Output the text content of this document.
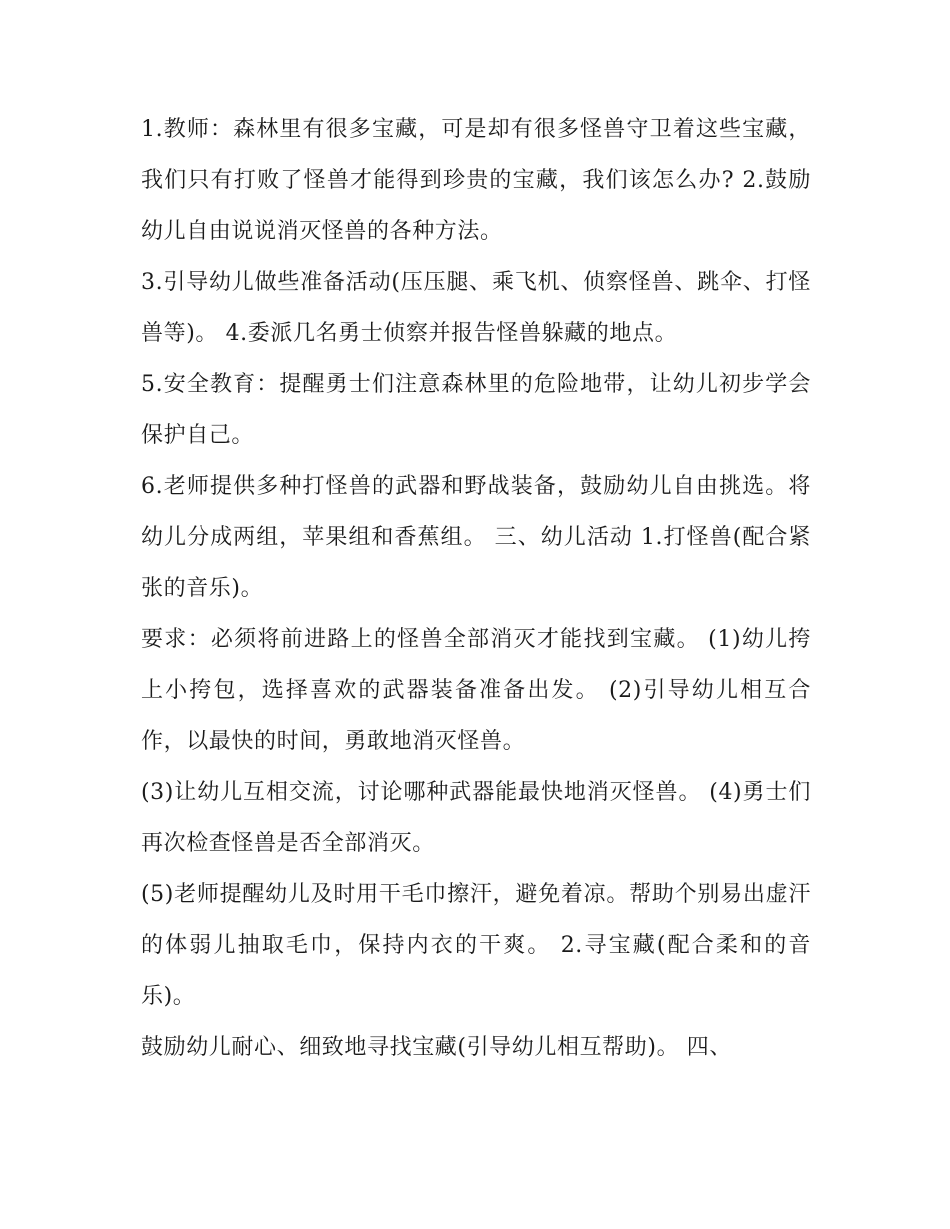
1.教师：森林里有很多宝藏，可是却有很多怪兽守卫着这些宝藏，我们只有打败了怪兽才能得到珍贵的宝藏，我们该怎么办? 2.鼓励幼儿自由说说消灭怪兽的各种方法。

3.引导幼儿做些准备活动(压压腿、乘飞机、侦察怪兽、跳伞、打怪兽等)。 4.委派几名勇士侦察并报告怪兽躲藏的地点。

5.安全教育：提醒勇士们注意森林里的危险地带，让幼儿初步学会保护自己。

6.老师提供多种打怪兽的武器和野战装备，鼓励幼儿自由挑选。将幼儿分成两组，苹果组和香蕉组。 三、幼儿活动 1.打怪兽(配合紧张的音乐)。

要求：必须将前进路上的怪兽全部消灭才能找到宝藏。 (1)幼儿挎上小挎包，选择喜欢的武器装备准备出发。 (2)引导幼儿相互合作，以最快的时间，勇敢地消灭怪兽。

(3)让幼儿互相交流，讨论哪种武器能最快地消灭怪兽。 (4)勇士们再次检查怪兽是否全部消灭。

(5)老师提醒幼儿及时用干毛巾擦汗，避免着凉。帮助个别易出虚汗的体弱儿抽取毛巾，保持内衣的干爽。 2.寻宝藏(配合柔和的音乐)。

鼓励幼儿耐心、细致地寻找宝藏(引导幼儿相互帮助)。 四、
